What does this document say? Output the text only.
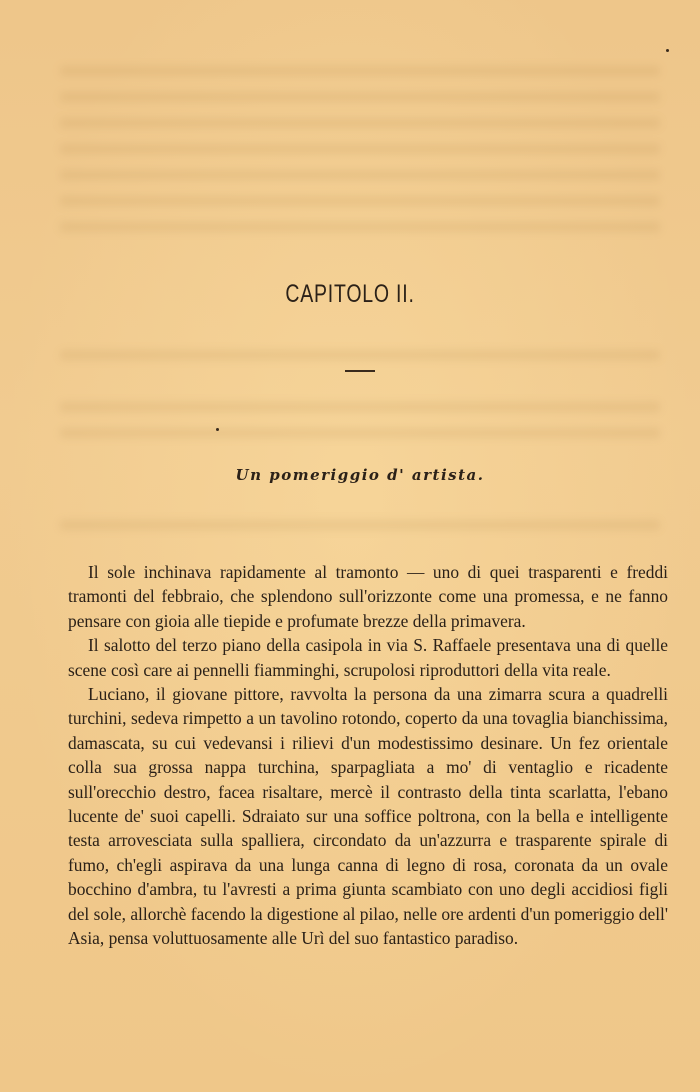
CAPITOLO II.
Un pomeriggio d' artista.

Il sole inchinava rapidamente al tramonto — uno di quei trasparenti e freddi tramonti del febbraio, che splendono sull'orizzonte come una promessa, e ne fanno pensare con gioia alle tiepide e profumate brezze della primavera.

Il salotto del terzo piano della casipola in via S. Raffaele presentava una di quelle scene così care ai pennelli fiamminghi, scrupolosi riproduttori della vita reale.

Luciano, il giovane pittore, ravvolta la persona da una zimarra scura a quadrelli turchini, sedeva rimpetto a un tavolino rotondo, coperto da una tovaglia bianchissima, damascata, su cui vedevansi i rilievi d'un modestissimo desinare. Un fez orientale colla sua grossa nappa turchina, sparpagliata a mo' di ventaglio e ricadente sull'orecchio destro, facea risaltare, mercè il contrasto della tinta scarlatta, l'ebano lucente de' suoi capelli. Sdraiato sur una soffice poltrona, con la bella e intelligente testa arrovesciata sulla spalliera, circondato da un'azzurra e trasparente spirale di fumo, ch'egli aspirava da una lunga canna di legno di rosa, coronata da un ovale bocchino d'ambra, tu l'avresti a prima giunta scambiato con uno degli accidiosi figli del sole, allorchè facendo la digestione al pilao, nelle ore ardenti d'un pomeriggio dell' Asia, pensa voluttuosamente alle Urì del suo fantastico paradiso.
